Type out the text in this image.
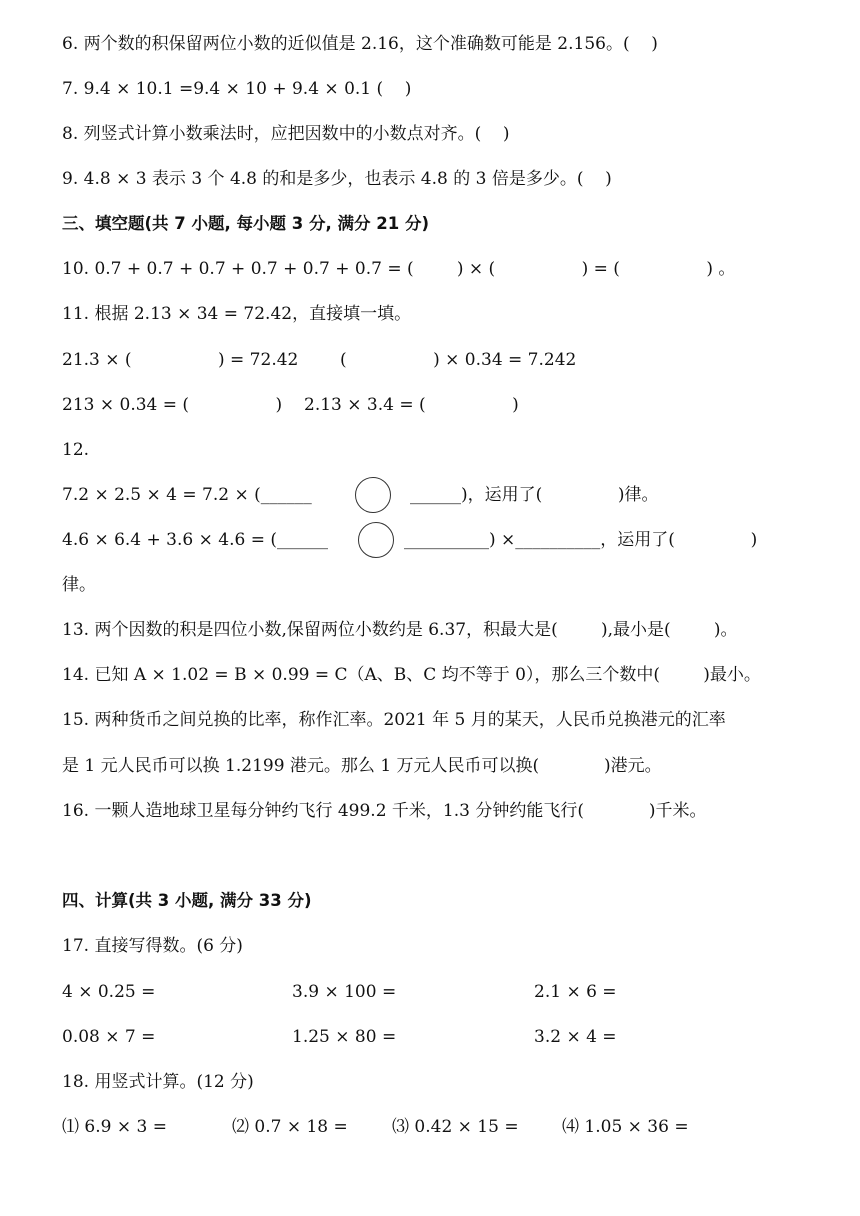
6. 两个数的积保留两位小数的近似值是 2.16，这个准确数可能是 2.156。(    )
7. 9.4 × 10.1 =9.4 × 10 + 9.4 × 0.1 (    )
8. 列竖式计算小数乘法时，应把因数中的小数点对齐。(    )
9. 4.8 × 3 表示 3 个 4.8 的和是多少，也表示 4.8 的 3 倍是多少。(    )
三、填空题(共 7 小题, 每小题 3 分, 满分 21 分)
10. 0.7 + 0.7 + 0.7 + 0.7 + 0.7 + 0.7 = (        ) × (                ) = (                ) 。
11. 根据 2.13 × 34 = 72.42，直接填一填。
21.3 × (                ) = 72.42 (                ) × 0.34 = 7.242
213 × 0.34 = (                ) 2.13 × 3.4 = (                )
12.
7.2 × 2.5 × 4 = 7.2 × (______	______)，运用了(              )律。
4.6 × 6.4 + 3.6 × 4.6 = (______	__________) ×__________，运用了(              )
律。
13. 两个因数的积是四位小数,保留两位小数约是 6.37，积最大是(        ),最小是(        )。
14. 已知 A × 1.02 = B × 0.99 = C（A、B、C 均不等于 0），那么三个数中(        )最小。
15. 两种货币之间兑换的比率，称作汇率。2021 年 5 月的某天，人民币兑换港元的汇率
是 1 元人民币可以换 1.2199 港元。那么 1 万元人民币可以换(            )港元。
16. 一颗人造地球卫星每分钟约飞行 499.2 千米，1.3 分钟约能飞行(            )千米。
四、计算(共 3 小题, 满分 33 分)
17. 直接写得数。(6 分)
4 × 0.25 =	3.9 × 100 =	2.1 × 6 =
0.08 × 7 =	1.25 × 80 =	3.2 × 4 =
18. 用竖式计算。(12 分)
⑴ 6.9 × 3 =	⑵ 0.7 × 18 =	⑶ 0.42 × 15 =	⑷ 1.05 × 36 =
